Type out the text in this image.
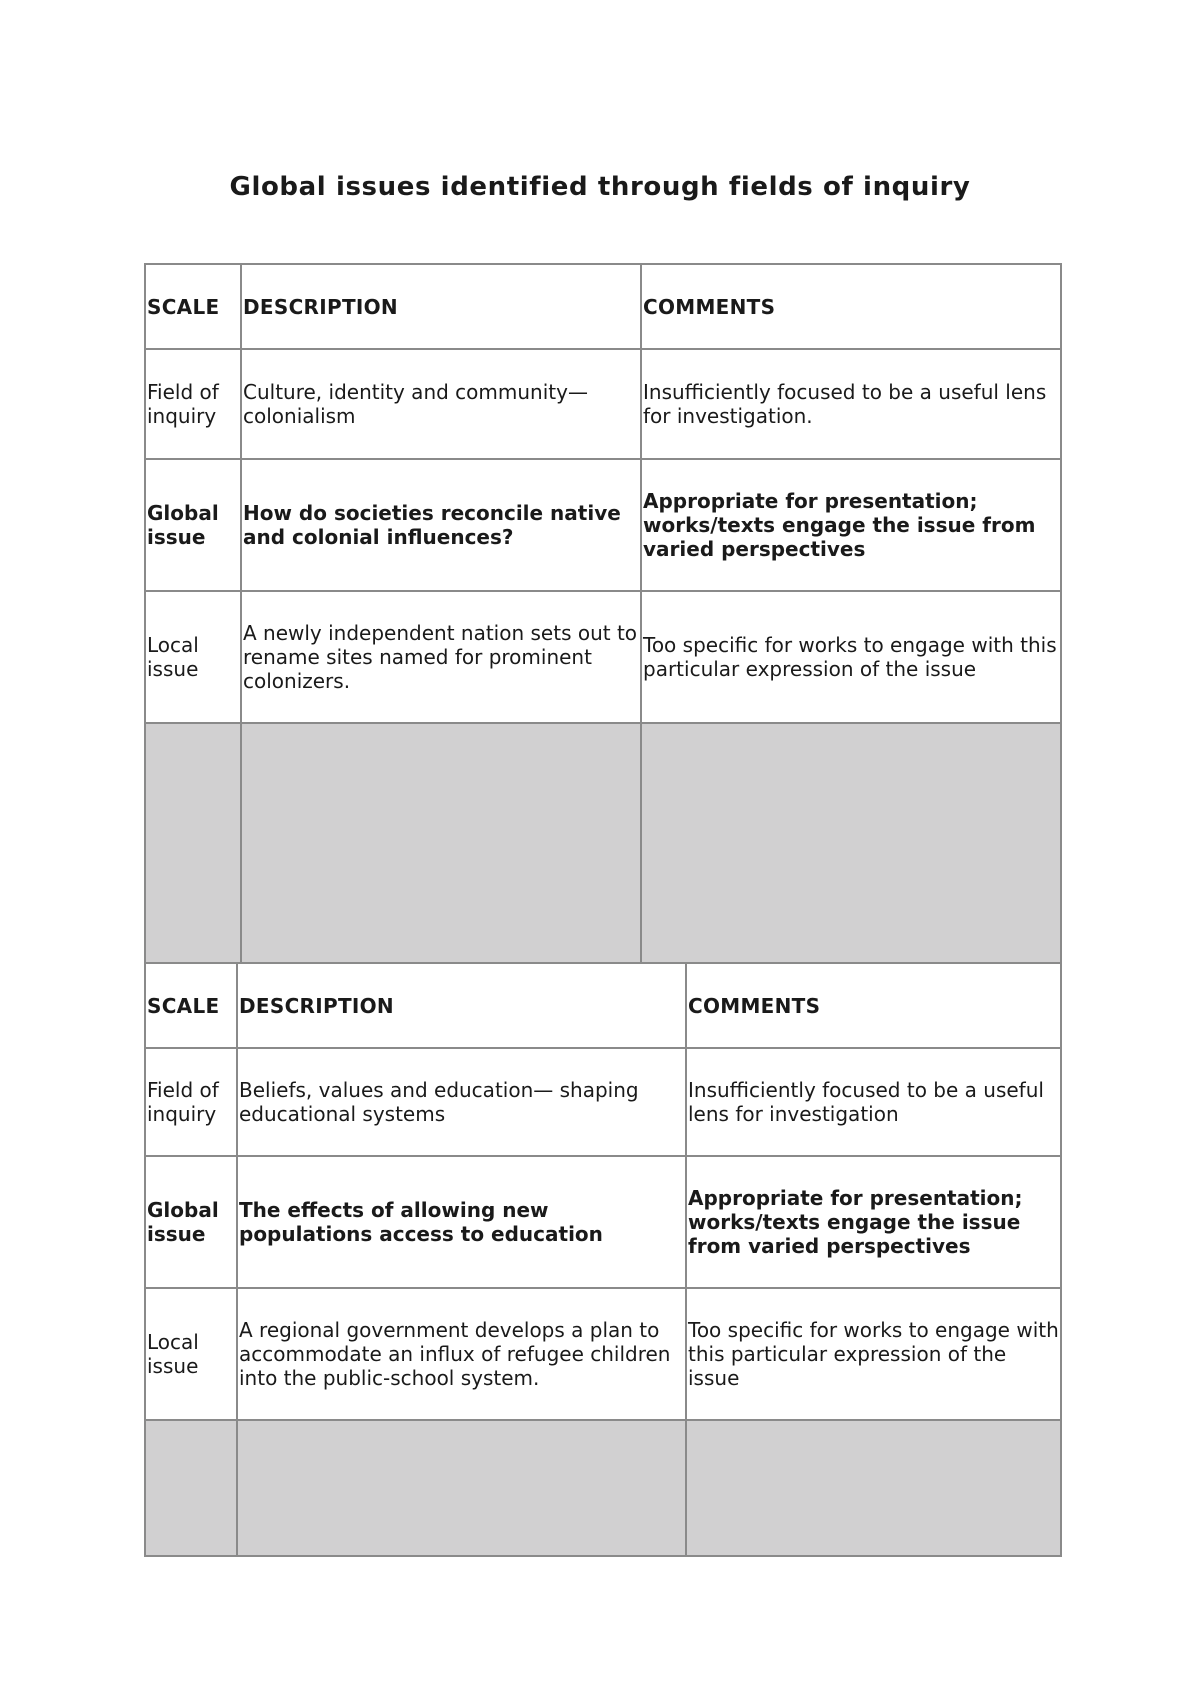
Global issues identified through fields of inquiry
SCALE	DESCRIPTION	COMMENTS
Field of inquiry	Culture, identity and community— colonialism	Insufficiently focused to be a useful lens for investigation.
Global issue	How do societies reconcile native and colonial influences?	Appropriate for presentation; works/texts engage the issue from varied perspectives
Local issue	A newly independent nation sets out to rename sites named for prominent colonizers.	Too specific for works to engage with this particular expression of the issue

SCALE	DESCRIPTION	COMMENTS
Field of inquiry	Beliefs, values and education— shaping educational systems	Insufficiently focused to be a useful lens for investigation
Global issue	The effects of allowing new populations access to education	Appropriate for presentation; works/texts engage the issue from varied perspectives
Local issue	A regional government develops a plan to accommodate an influx of refugee children into the public-school system.	Too specific for works to engage with this particular expression of the issue
